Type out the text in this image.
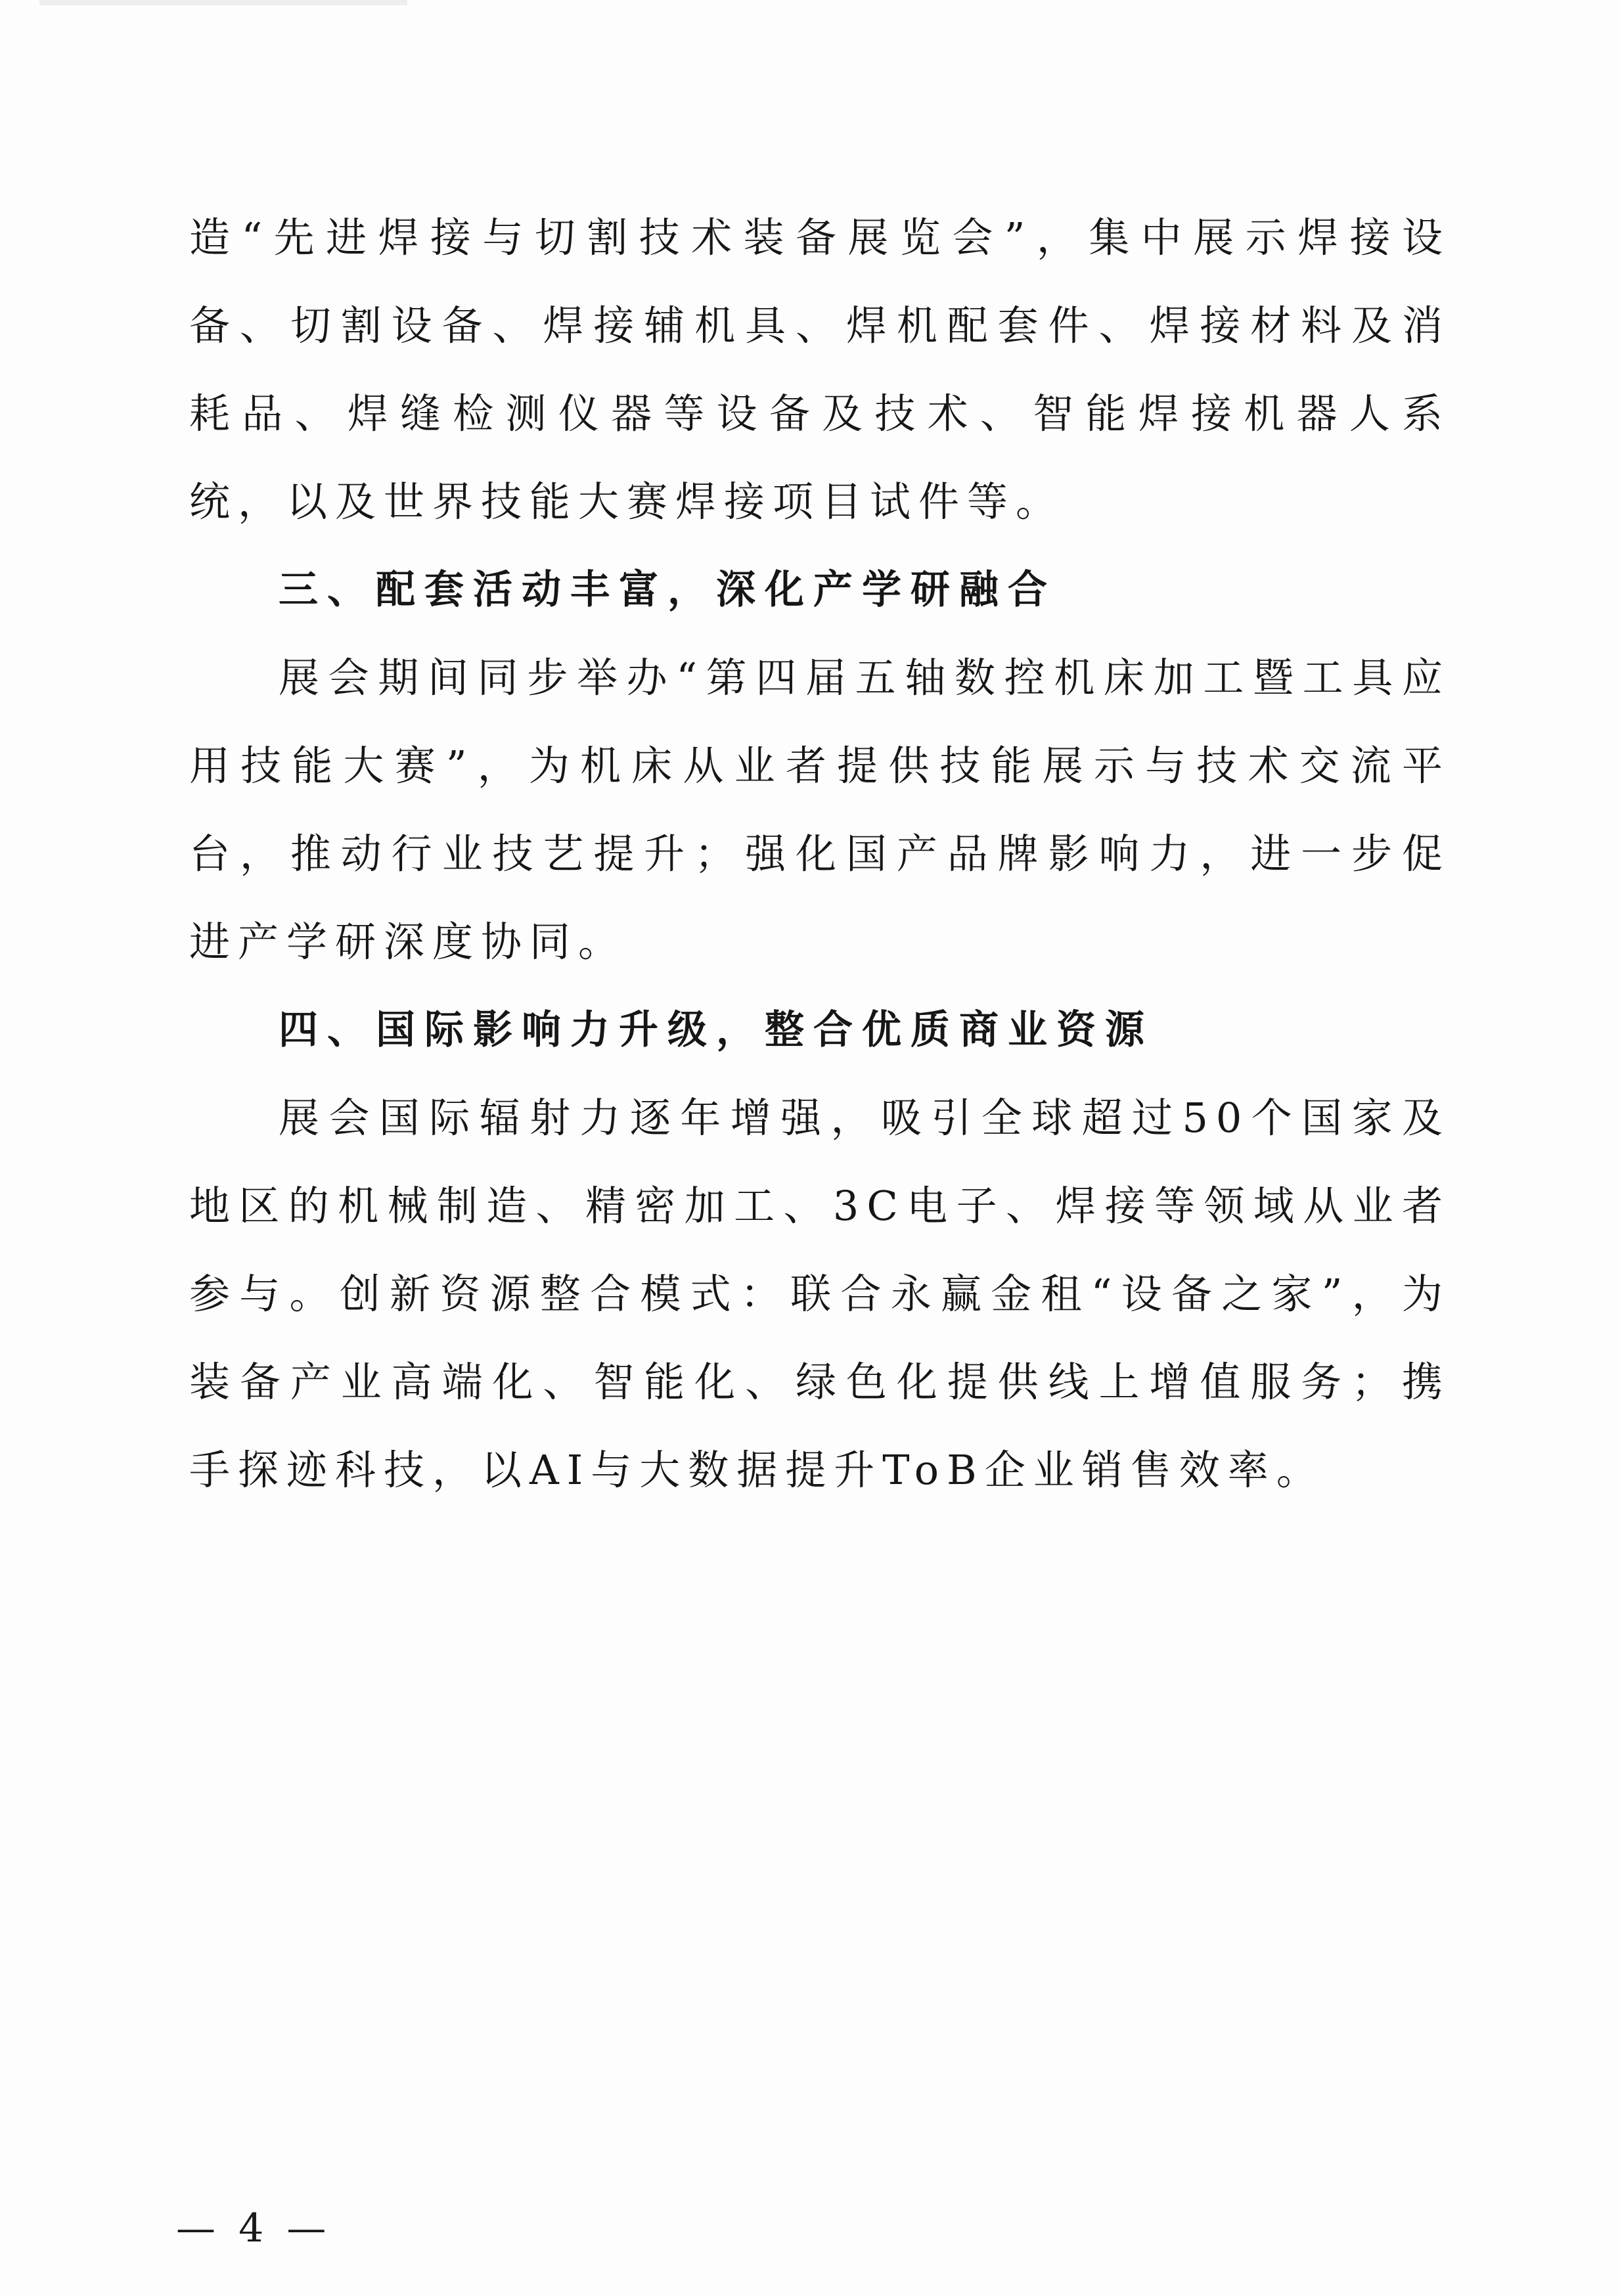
造“先进焊接与切割技术装备展览会”，集中展示焊接设备、切割设备、焊接辅机具、焊机配套件、焊接材料及消耗品、焊缝检测仪器等设备及技术、智能焊接机器人系统，以及世界技能大赛焊接项目试件等。

三、配套活动丰富，深化产学研融合

展会期间同步举办“第四届五轴数控机床加工暨工具应用技能大赛”，为机床从业者提供技能展示与技术交流平台，推动行业技艺提升；强化国产品牌影响力，进一步促进产学研深度协同。

四、国际影响力升级，整合优质商业资源

展会国际辐射力逐年增强，吸引全球超过50个国家及地区的机械制造、精密加工、3C电子、焊接等领域从业者参与。创新资源整合模式：联合永赢金租“设备之家”，为装备产业高端化、智能化、绿色化提供线上增值服务；携手探迹科技，以AI与大数据提升ToB企业销售效率。

— 4 —
